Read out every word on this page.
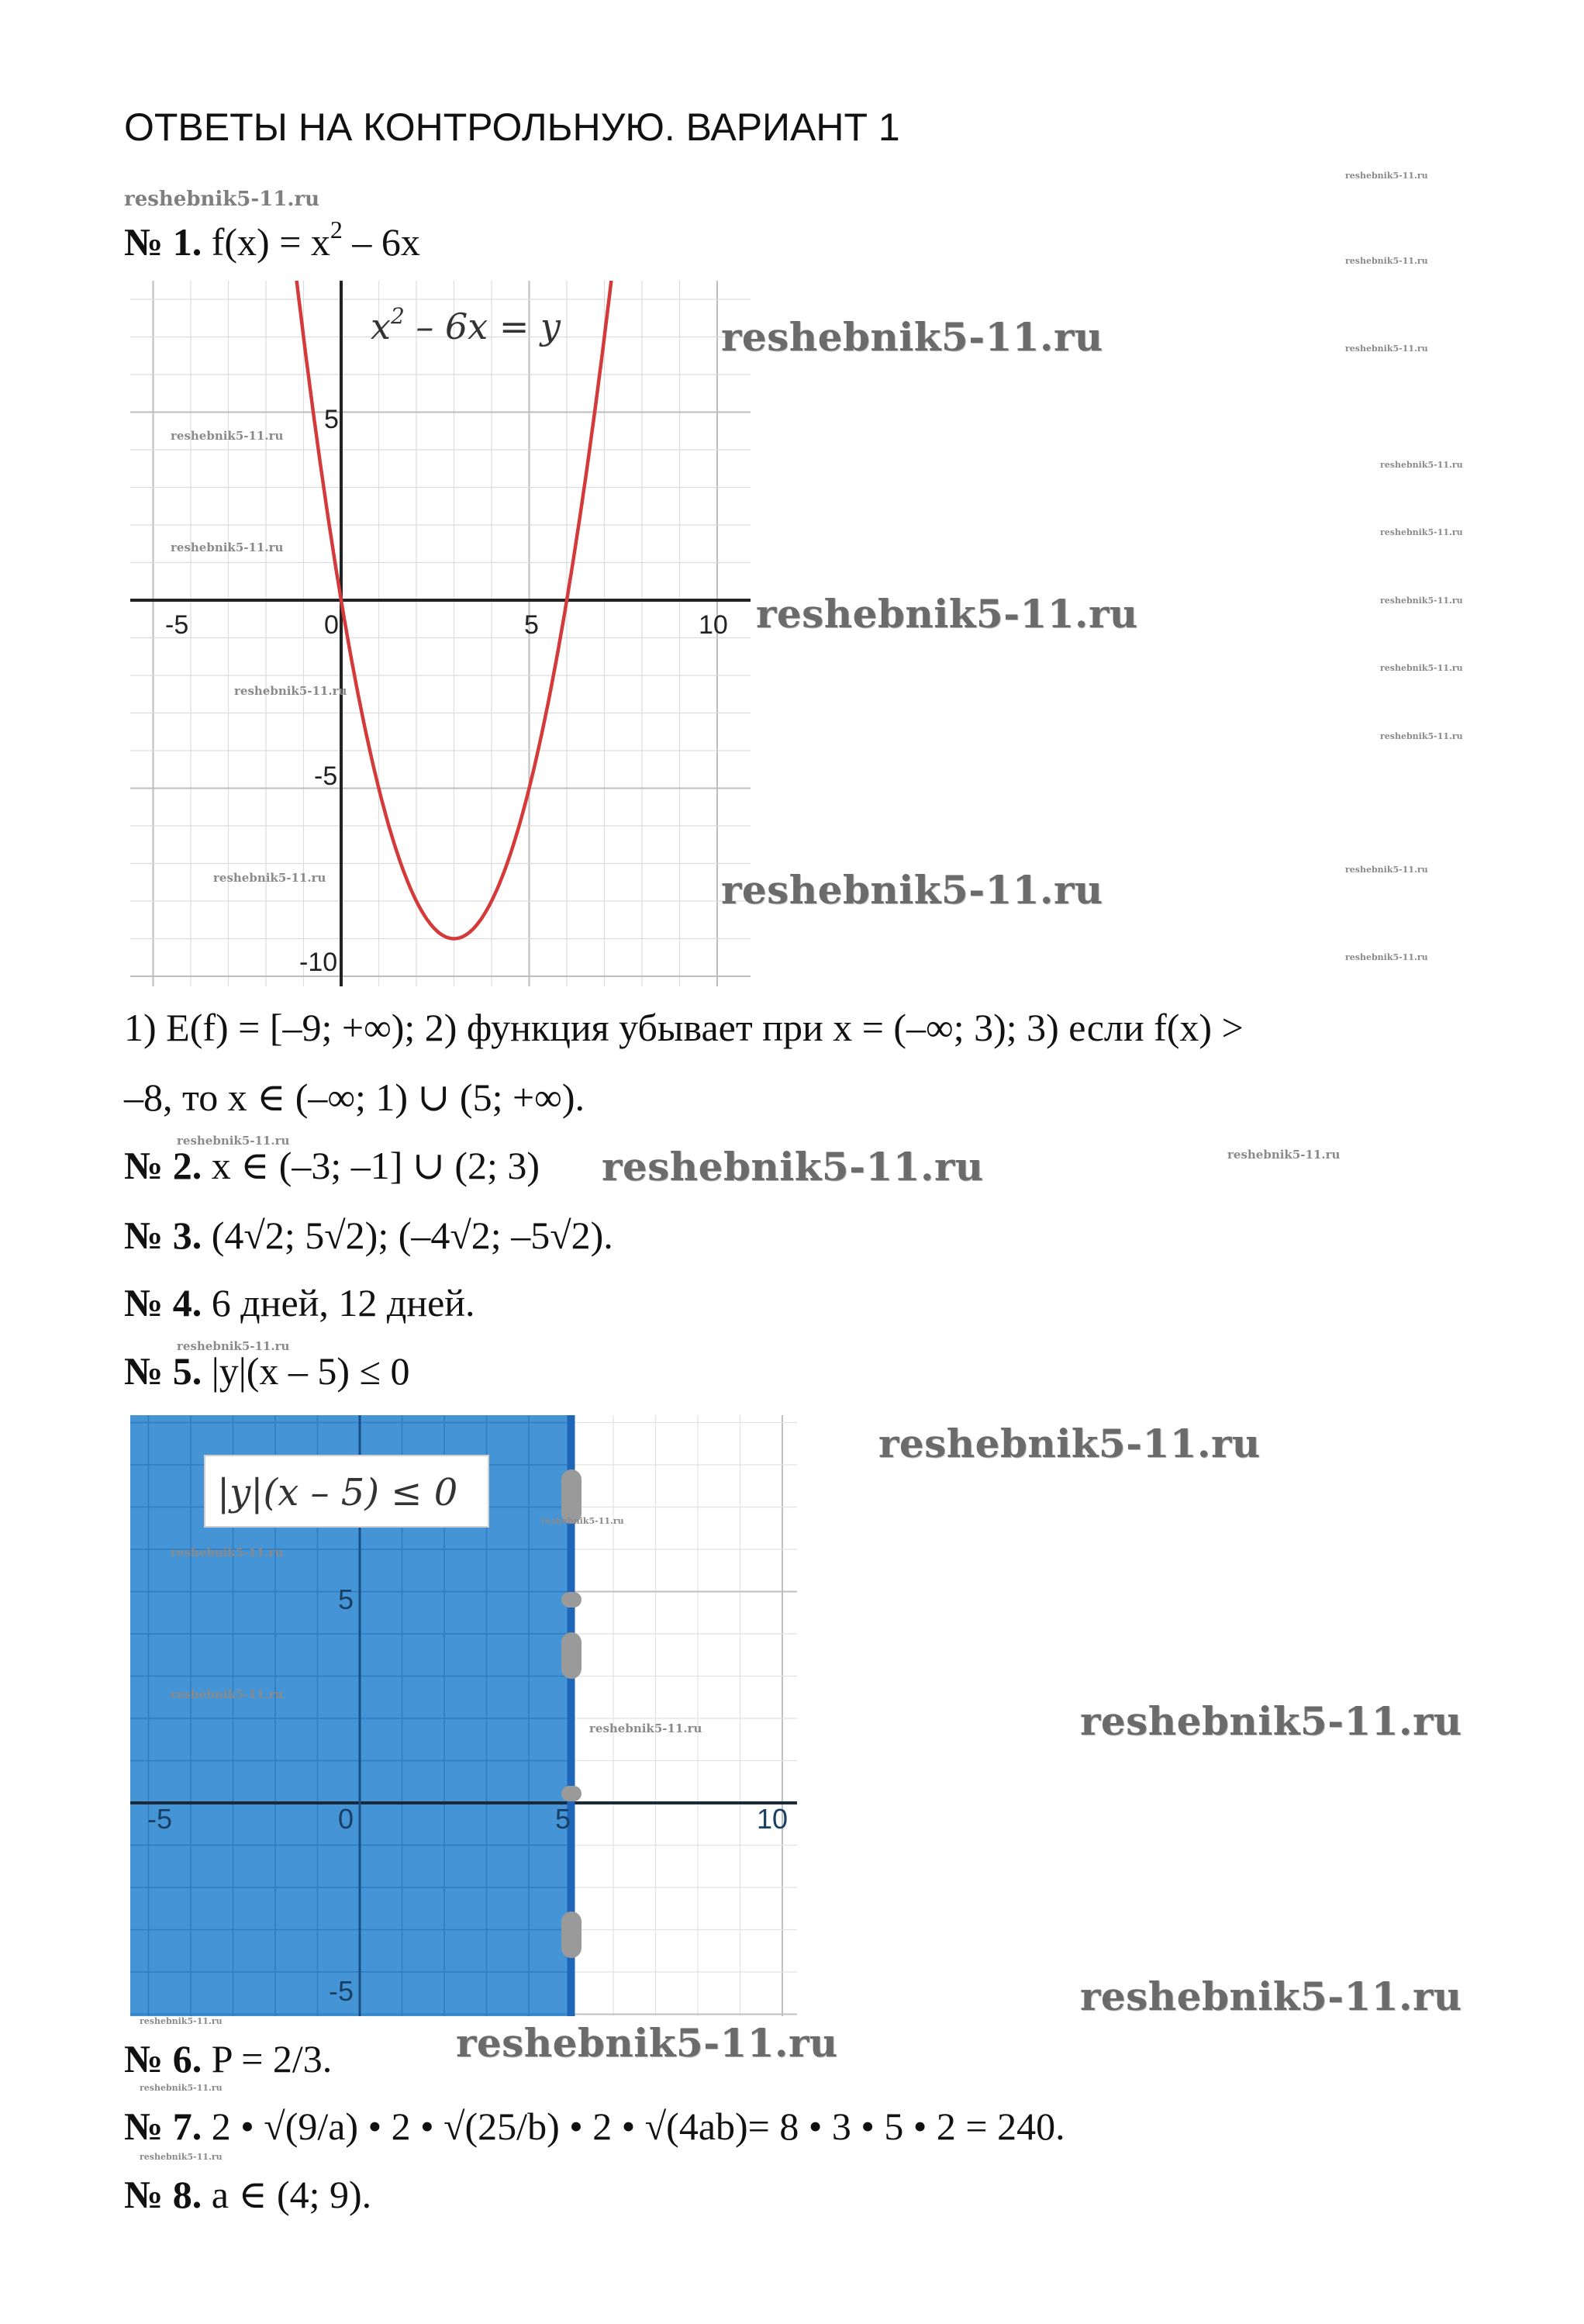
ОТВЕТЫ НА КОНТРОЛЬНУЮ. ВАРИАНТ 1
№ 1. $f(x) = x^2 - 6x$
-5	0	5	10
5
-5
-10
$x^2 - 6x = y$
1) E(f) = [–9; +∞); 2) функция убывает при x = (–∞; 3); 3) если f(x) >
–8, то x ∈ (–∞; 1) ∪ (5; +∞).
№ 2. x ∈ (–3; –1] ∪ (2; 3)
№ 3. (4√2; 5√2); (–4√2; –5√2).
№ 4. 6 дней, 12 дней.
№ 5. |y|(x – 5) ≤ 0
-5	0	5	10
5
-5
|y|(x – 5) ≤ 0
№ 6. P = 2/3.
№ 7. 2 • √(9/a) • 2 • √(25/b) • 2 • √(4ab)= 8 • 3 • 5 • 2 = 240.
№ 8. a ∈ (4; 9).
reshebnik5-11.ru
reshebnik5-11.ru
reshebnik5-11.ru
reshebnik5-11.ru
reshebnik5-11.ru
reshebnik5-11.ru
reshebnik5-11.ru
reshebnik5-11.ru
reshebnik5-11.ru
reshebnik5-11.ru	reshebnik5-11.ru
reshebnik5-11.ru
reshebnik5-11.ru
reshebnik5-11.ru
reshebnik5-11.ru
reshebnik5-11.ru	reshebnik5-11.ru
reshebnik5-11.ru
reshebnik5-11.ru
reshebnik5-11.ru
reshebnik5-11.ru
reshebnik5-11.ru
reshebnik5-11.ru
reshebnik5-11.ru
reshebnik5-11.ru
reshebnik5-11.ru
reshebnik5-11.ru
reshebnik5-11.ru
reshebnik5-11.ru
reshebnik5-11.ru
reshebnik5-11.ru
reshebnik5-11.ru
reshebnik5-11.ru
